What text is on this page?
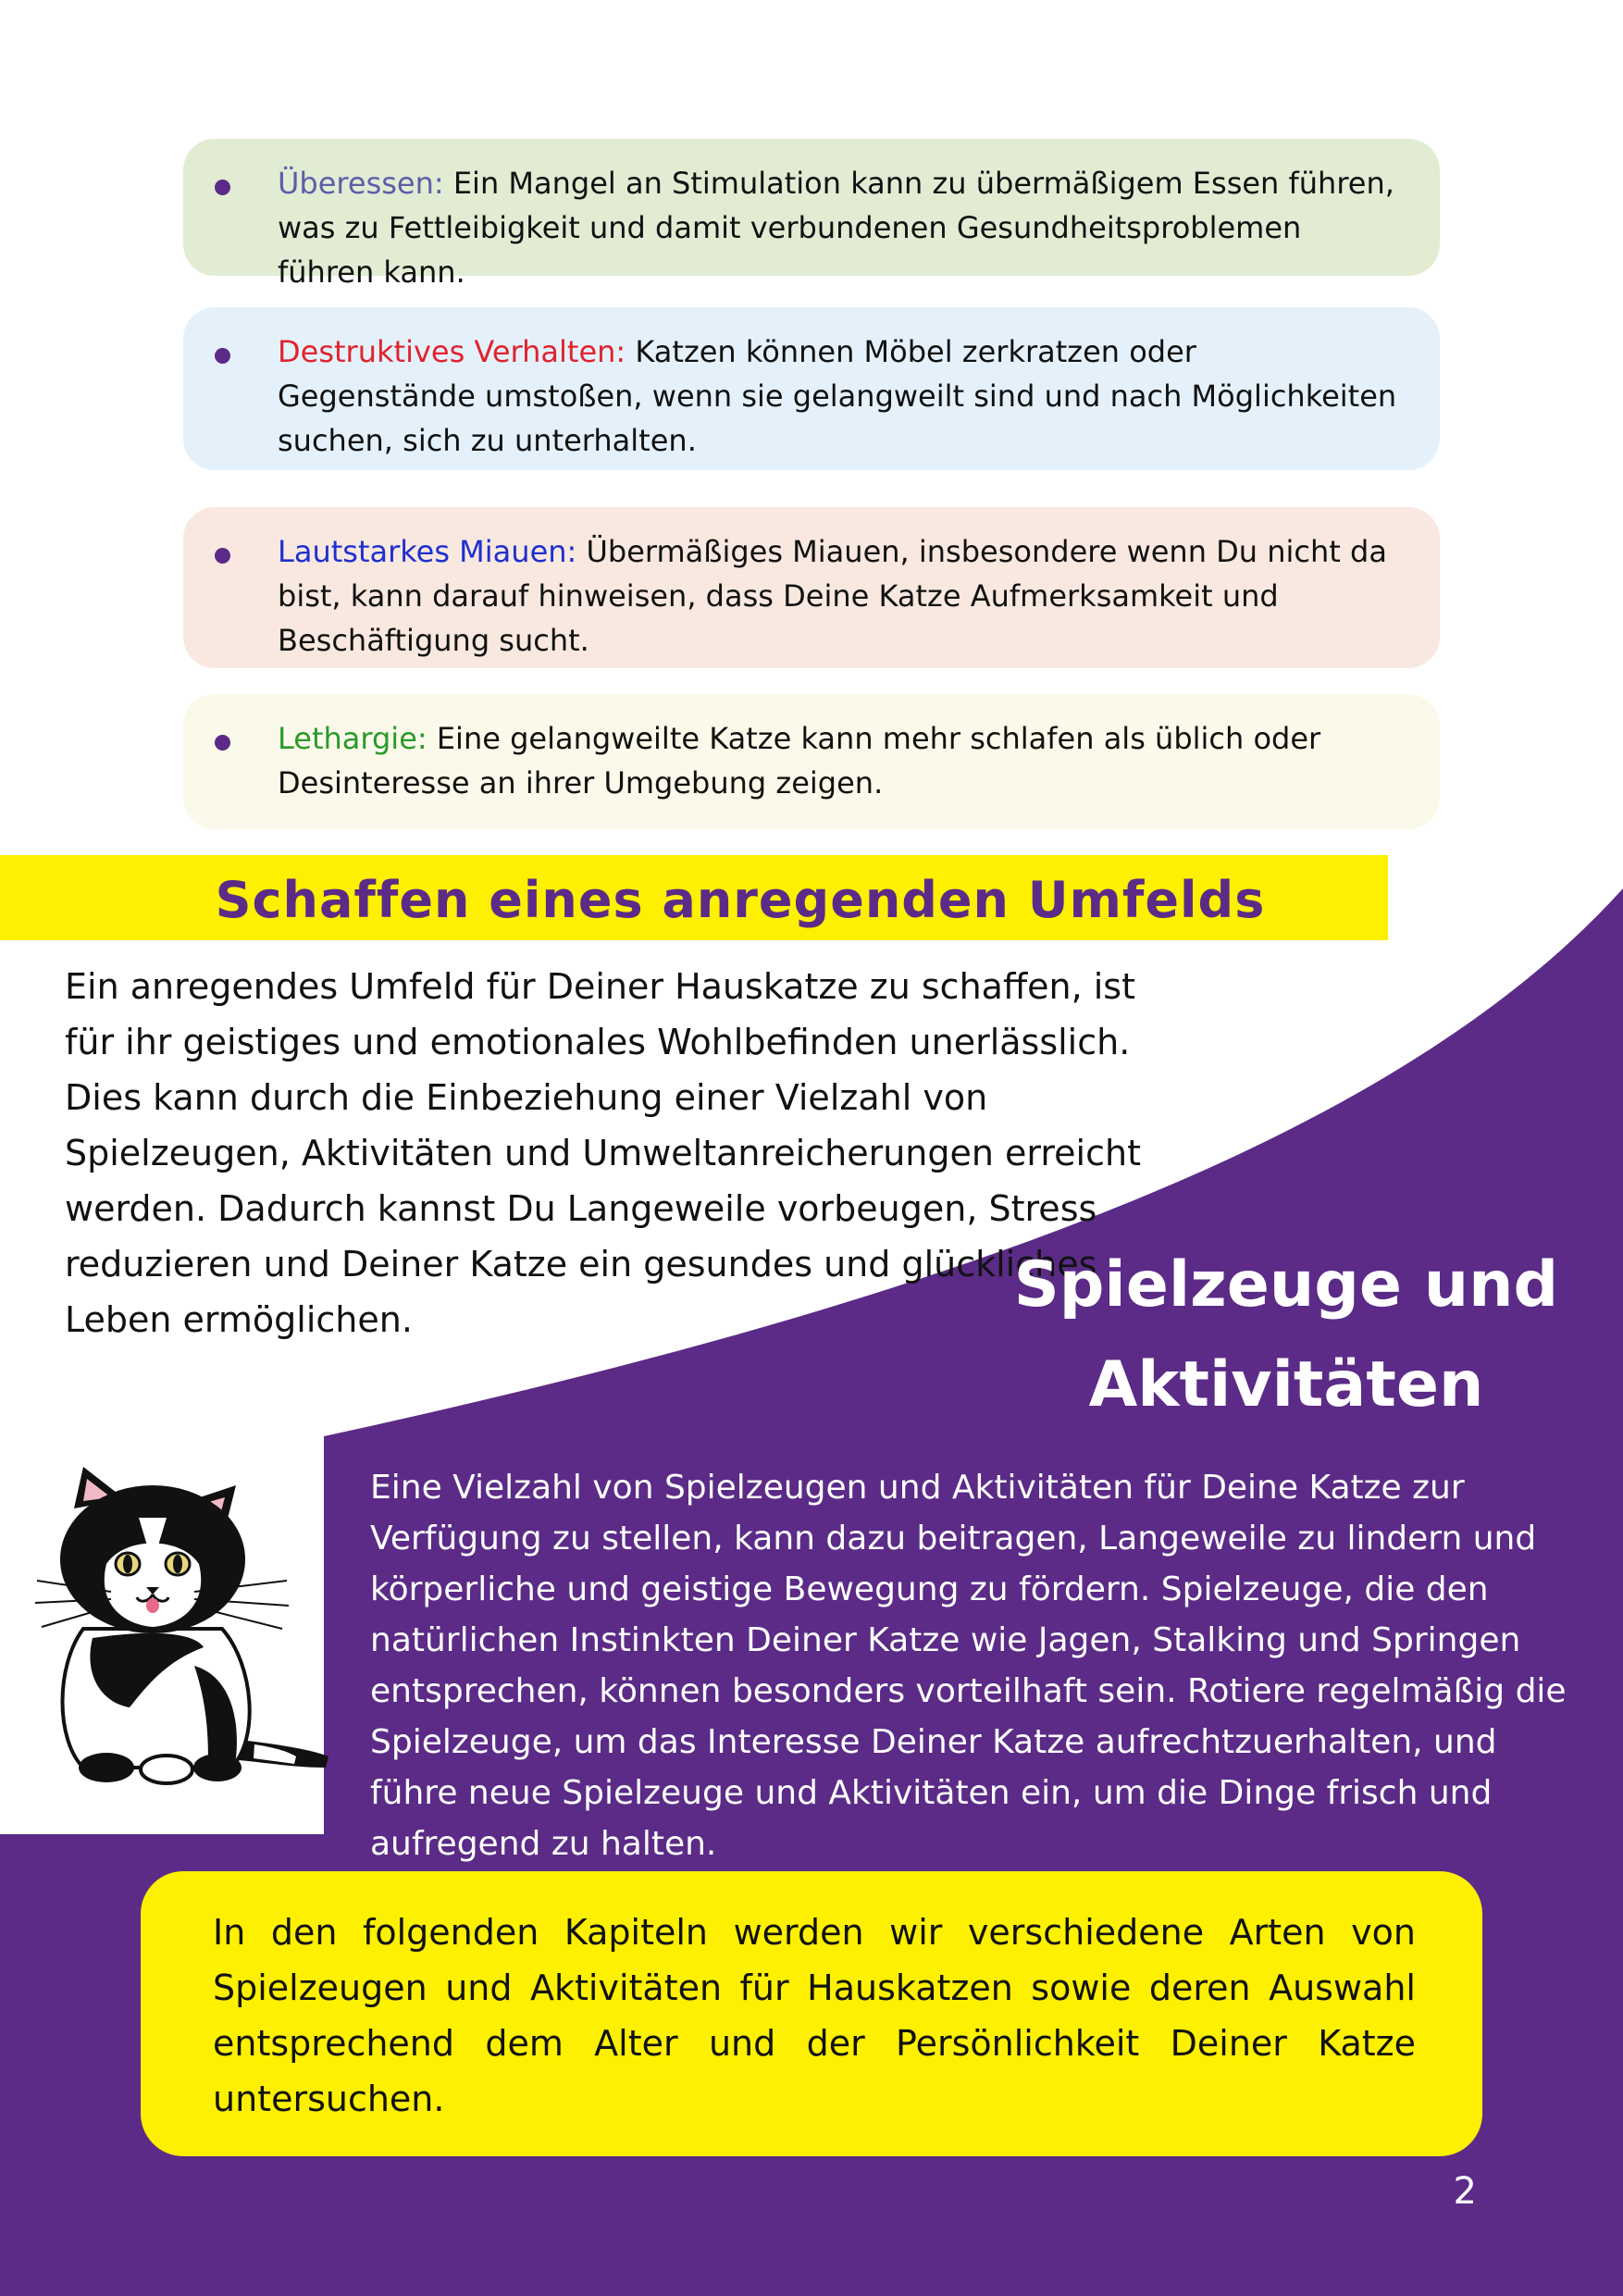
Überessen: Ein Mangel an Stimulation kann zu übermäßigem Essen führen, was zu Fettleibigkeit und damit verbundenen Gesundheitsproblemen führen kann.
Destruktives Verhalten: Katzen können Möbel zerkratzen oder Gegenstände umstoßen, wenn sie gelangweilt sind und nach Möglichkeiten suchen, sich zu unterhalten.
Lautstarkes Miauen: Übermäßiges Miauen, insbesondere wenn Du nicht da bist, kann darauf hinweisen, dass Deine Katze Aufmerksamkeit und Beschäftigung sucht.
Lethargie: Eine gelangweilte Katze kann mehr schlafen als üblich oder Desinteresse an ihrer Umgebung zeigen.
Schaffen eines anregenden Umfelds
Ein anregendes Umfeld für Deiner Hauskatze zu schaffen, ist für ihr geistiges und emotionales Wohlbefinden unerlässlich. Dies kann durch die Einbeziehung einer Vielzahl von Spielzeugen, Aktivitäten und Umweltanreicherungen erreicht werden. Dadurch kannst Du Langeweile vorbeugen, Stress reduzieren und Deiner Katze ein gesundes und glückliches Leben ermöglichen.	Spielzeuge und
Aktivitäten
Eine Vielzahl von Spielzeugen und Aktivitäten für Deine Katze zur Verfügung zu stellen, kann dazu beitragen, Langeweile zu lindern und körperliche und geistige Bewegung zu fördern. Spielzeuge, die den natürlichen Instinkten Deiner Katze wie Jagen, Stalking und Springen entsprechen, können besonders vorteilhaft sein. Rotiere regelmäßig die Spielzeuge, um das Interesse Deiner Katze aufrechtzuerhalten, und führe neue Spielzeuge und Aktivitäten ein, um die Dinge frisch und aufregend zu halten.
In den folgenden Kapiteln werden wir verschiedene Arten von Spielzeugen und Aktivitäten für Hauskatzen sowie deren Auswahl entsprechend dem Alter und der Persönlichkeit Deiner Katze untersuchen.
2
